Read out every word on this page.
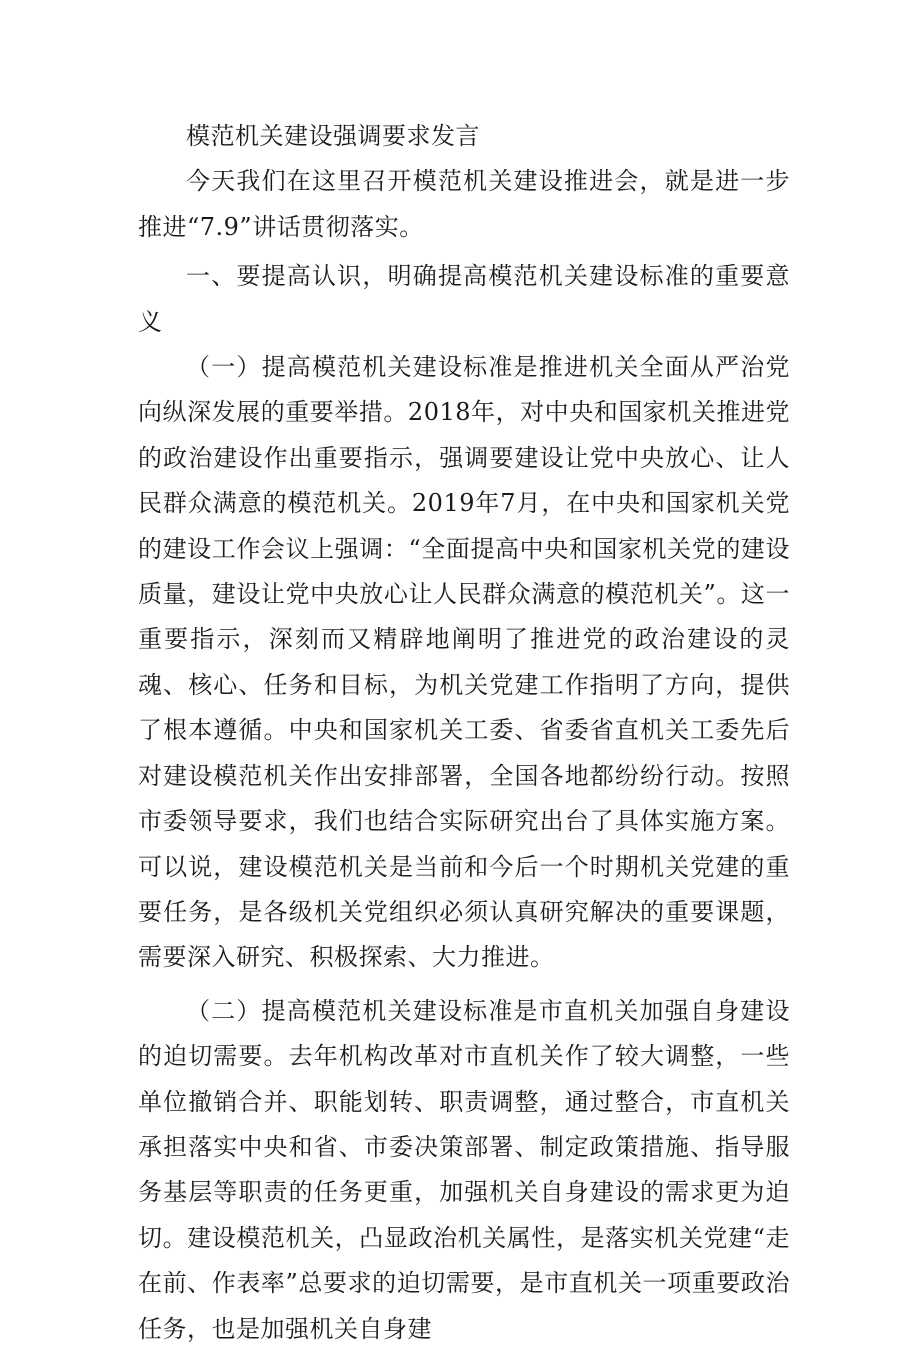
模范机关建设强调要求发言

今天我们在这里召开模范机关建设推进会，就是进一步推进“7.9”讲话贯彻落实。

一、要提高认识，明确提高模范机关建设标准的重要意义

（一）提高模范机关建设标准是推进机关全面从严治党向纵深发展的重要举措。2018年，对中央和国家机关推进党的政治建设作出重要指示，强调要建设让党中央放心、让人民群众满意的模范机关。2019年7月，在中央和国家机关党的建设工作会议上强调：“全面提高中央和国家机关党的建设质量，建设让党中央放心让人民群众满意的模范机关”。这一重要指示，深刻而又精辟地阐明了推进党的政治建设的灵魂、核心、任务和目标，为机关党建工作指明了方向，提供了根本遵循。中央和国家机关工委、省委省直机关工委先后对建设模范机关作出安排部署，全国各地都纷纷行动。按照市委领导要求，我们也结合实际研究出台了具体实施方案。可以说，建设模范机关是当前和今后一个时期机关党建的重要任务，是各级机关党组织必须认真研究解决的重要课题，需要深入研究、积极探索、大力推进。

（二）提高模范机关建设标准是市直机关加强自身建设的迫切需要。去年机构改革对市直机关作了较大调整，一些单位撤销合并、职能划转、职责调整，通过整合，市直机关承担落实中央和省、市委决策部署、制定政策措施、指导服务基层等职责的任务更重，加强机关自身建设的需求更为迫切。建设模范机关，凸显政治机关属性，是落实机关党建“走在前、作表率”总要求的迫切需要，是市直机关一项重要政治任务，也是加强机关自身建
